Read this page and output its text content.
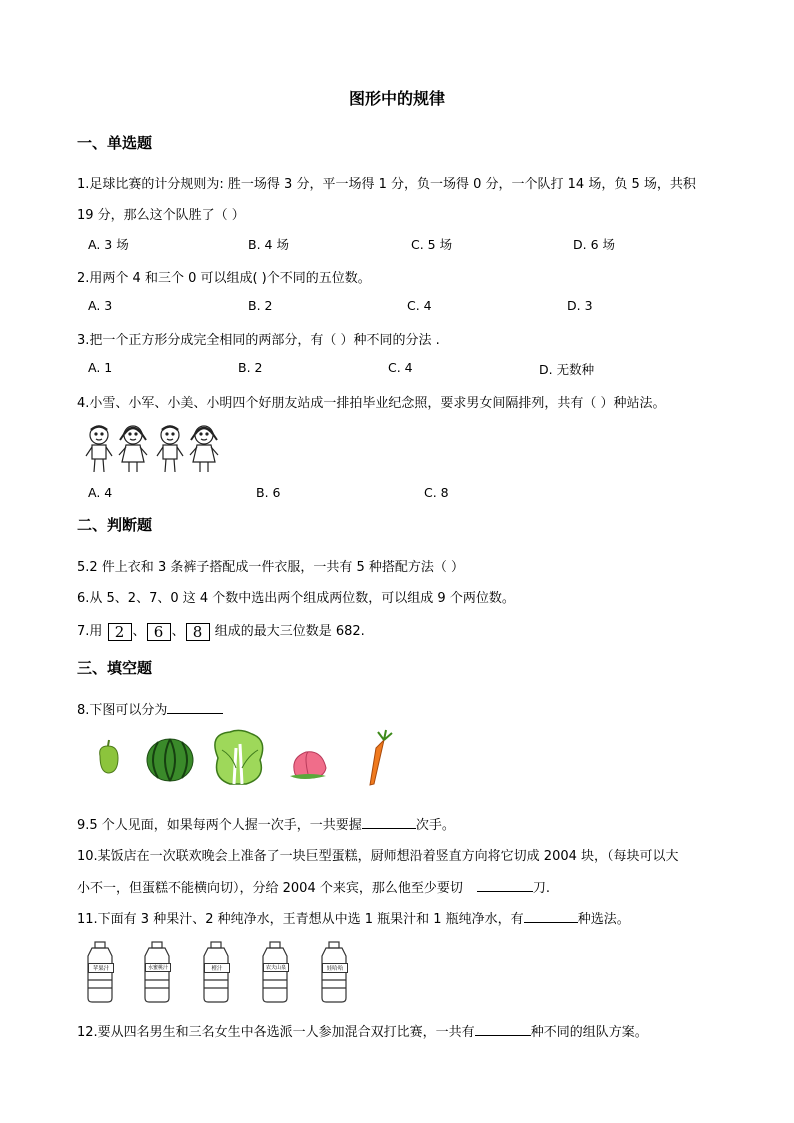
图形中的规律
一、单选题
1.足球比赛的计分规则为: 胜一场得 3 分，平一场得 1 分，负一场得 0 分，一个队打 14 场，负 5 场，共积
19 分，那么这个队胜了（ ）
A. 3 场	B. 4 场	C. 5 场	D. 6 场
2.用两个 4 和三个 0 可以组成( )个不同的五位数。
A. 3	B. 2	C. 4	D. 3
3.把一个正方形分成完全相同的两部分，有（ ）种不同的分法 .
A. 1	B. 2	C. 4	D. 无数种
4.小雪、小军、小美、小明四个好朋友站成一排拍毕业纪念照，要求男女间隔排列，共有（ ）种站法。
A. 4	B. 6	C. 8
二、判断题
5.2 件上衣和 3 条裤子搭配成一件衣服，一共有 5 种搭配方法（ ）
6.从 5、2、7、0 这 4 个数中选出两个组成两位数，可以组成 9 个两位数。
7.用 2 、 6 、 8 组成的最大三位数是 682.
三、填空题
8.下图可以分为
9.5 个人见面，如果每两个人握一次手，一共要握	次手。
10.某饭店在一次联欢晚会上准备了一块巨型蛋糕，厨师想沿着竖直方向将它切成 2004 块，（每块可以大
小不一，但蛋糕不能横向切），分给 2004 个来宾，那么他至少要切	刀.
11.下面有 3 种果汁、2 种纯净水，王青想从中选 1 瓶果汁和 1 瓶纯净水，有	种选法。
苹果汁	水蜜桃汁	橙汁	农夫山泉	娃哈哈
12.要从四名男生和三名女生中各选派一人参加混合双打比赛，一共有	种不同的组队方案。
